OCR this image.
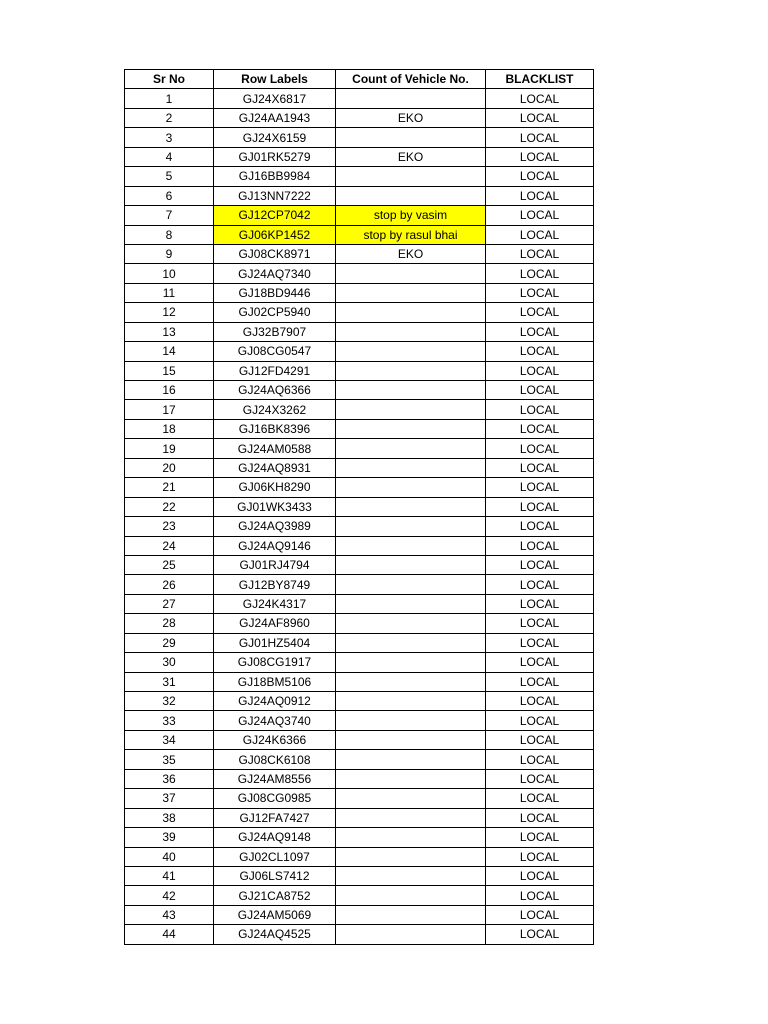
Sr No	Row Labels	Count of Vehicle No.	BLACKLIST
1	GJ24X6817		LOCAL
2	GJ24AA1943	EKO	LOCAL
3	GJ24X6159		LOCAL
4	GJ01RK5279	EKO	LOCAL
5	GJ16BB9984		LOCAL
6	GJ13NN7222		LOCAL
7	GJ12CP7042	stop by vasim	LOCAL
8	GJ06KP1452	stop by rasul bhai	LOCAL
9	GJ08CK8971	EKO	LOCAL
10	GJ24AQ7340		LOCAL
11	GJ18BD9446		LOCAL
12	GJ02CP5940		LOCAL
13	GJ32B7907		LOCAL
14	GJ08CG0547		LOCAL
15	GJ12FD4291		LOCAL
16	GJ24AQ6366		LOCAL
17	GJ24X3262		LOCAL
18	GJ16BK8396		LOCAL
19	GJ24AM0588		LOCAL
20	GJ24AQ8931		LOCAL
21	GJ06KH8290		LOCAL
22	GJ01WK3433		LOCAL
23	GJ24AQ3989		LOCAL
24	GJ24AQ9146		LOCAL
25	GJ01RJ4794		LOCAL
26	GJ12BY8749		LOCAL
27	GJ24K4317		LOCAL
28	GJ24AF8960		LOCAL
29	GJ01HZ5404		LOCAL
30	GJ08CG1917		LOCAL
31	GJ18BM5106		LOCAL
32	GJ24AQ0912		LOCAL
33	GJ24AQ3740		LOCAL
34	GJ24K6366		LOCAL
35	GJ08CK6108		LOCAL
36	GJ24AM8556		LOCAL
37	GJ08CG0985		LOCAL
38	GJ12FA7427		LOCAL
39	GJ24AQ9148		LOCAL
40	GJ02CL1097		LOCAL
41	GJ06LS7412		LOCAL
42	GJ21CA8752		LOCAL
43	GJ24AM5069		LOCAL
44	GJ24AQ4525		LOCAL
